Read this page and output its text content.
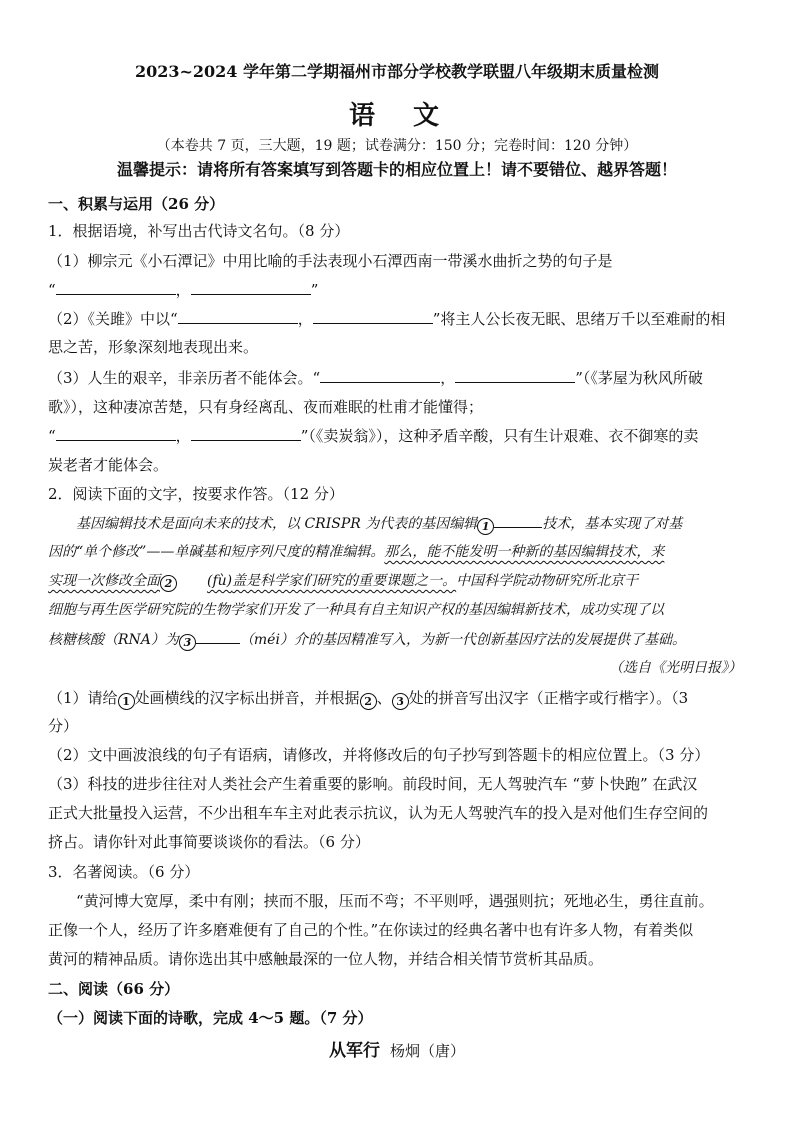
2023~2024 学年第二学期福州市部分学校教学联盟八年级期末质量检测
语　文
（本卷共 7 页，三大题，19 题；试卷满分：150 分；完卷时间：120 分钟）
温馨提示：请将所有答案填写到答题卡的相应位置上！请不要错位、越界答题！
一、积累与运用（26 分）
1．根据语境，补写出古代诗文名句。（8 分）
（1）柳宗元《小石潭记》中用比喻的手法表现小石潭西南一带溪水曲折之势的句子是
“	，	”
（2）《关雎》中以“	，	”将主人公长夜无眠、思绪万千以至难耐的相
思之苦，形象深刻地表现出来。
（3）人生的艰辛，非亲历者不能体会。“	，	”（《茅屋为秋风所破
歌》），这种凄凉苦楚，只有身经离乱、夜而难眠的杜甫才能懂得；
“	，	”（《卖炭翁》），这种矛盾辛酸，只有生计艰难、衣不御寒的卖
炭老者才能体会。
2．阅读下面的文字，按要求作答。（12 分）
基因编辑技术是面向未来的技术，以 CRISPR 为代表的基因编辑 1	技术，基本实现了对基
因的“单个修改”——单碱基和短序列尺度的精准编辑。那么，能不能发明一种新的基因编辑技术，来
实现一次修改全面 2 (fù)盖是科学家们研究的重要课题之一。中国科学院动物研究所北京干
细胞与再生医学研究院的生物学家们开发了一种具有自主知识产权的基因编辑新技术，成功实现了以
核糖核酸（RNA）为 3	（méi）介的基因精准写入，为新一代创新基因疗法的发展提供了基础。
（选自《光明日报》）
（1）请给 1 处画横线的汉字标出拼音，并根据 2 、 3 处的拼音写出汉字（正楷字或行楷字）。（3
分）
（2）文中画波浪线的句子有语病，请修改，并将修改后的句子抄写到答题卡的相应位置上。（3 分）
（3）科技的进步往往对人类社会产生着重要的影响。前段时间，无人驾驶汽车 “萝卜快跑” 在武汉
正式大批量投入运营，不少出租车车主对此表示抗议，认为无人驾驶汽车的投入是对他们生存空间的
挤占。请你针对此事简要谈谈你的看法。（6 分）
3．名著阅读。（6 分）
“黄河博大宽厚，柔中有刚；挟而不服，压而不弯；不平则呼，遇强则抗；死地必生，勇往直前。
正像一个人，经历了许多磨难便有了自己的个性。”在你读过的经典名著中也有许多人物，有着类似
黄河的精神品质。请你选出其中感触最深的一位人物，并结合相关情节赏析其品质。
二、阅读（66 分）
（一）阅读下面的诗歌，完成 4～5 题。（7 分）
从军行 杨炯（唐）
